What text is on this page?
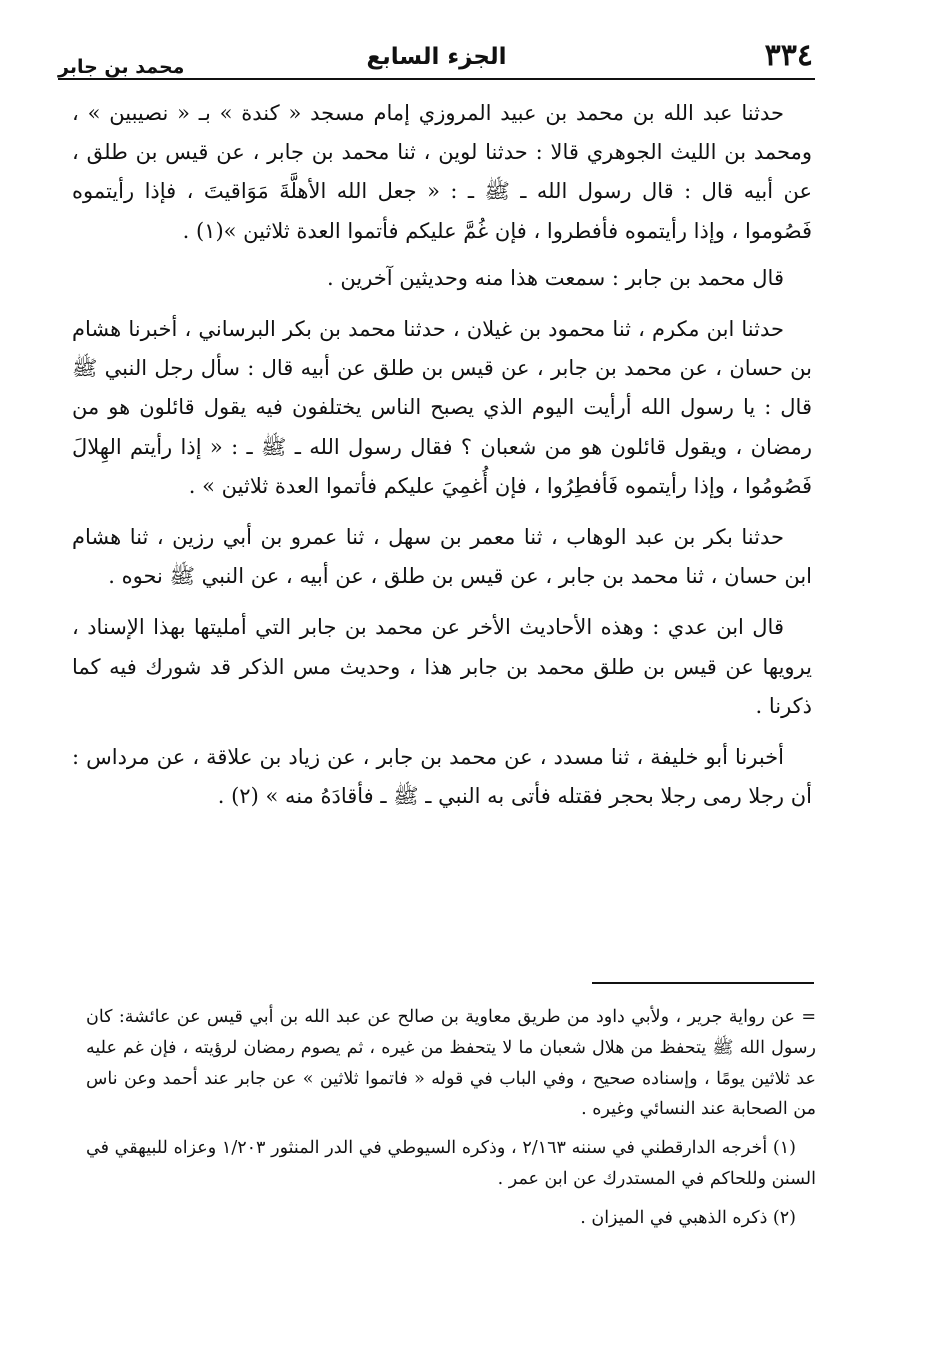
٣٣٤
الجزء السابع
محمد بن جابر

حدثنا عبد الله بن محمد بن عبيد المروزي إمام مسجد « كندة » بـ « نصيبين » ، ومحمد بن الليث الجوهري قالا : حدثنا لوين ، ثنا محمد بن جابر ، عن قيس بن طلق ، عن أبيه قال : قال رسول الله ـ ﷺ ـ : « جعل الله الأهلَّةَ مَوَاقيتَ ، فإذا رأيتموه فَصُوموا ، وإذا رأيتموه فأفطروا ، فإن غُمَّ عليكم فأتموا العدة ثلاثين »(١) .

قال محمد بن جابر : سمعت هذا منه وحديثين آخرين .

حدثنا ابن مكرم ، ثنا محمود بن غيلان ، حدثنا محمد بن بكر البرساني ، أخبرنا هشام بن حسان ، عن محمد بن جابر ، عن قيس بن طلق عن أبيه قال : سأل رجل النبي ﷺ قال : يا رسول الله أرأيت اليوم الذي يصبح الناس يختلفون فيه يقول قائلون هو من رمضان ، ويقول قائلون هو من شعبان ؟ فقال رسول الله ـ ﷺ ـ : « إذا رأيتم الهِلالَ فَصُومُوا ، وإذا رأيتموه فَأفطِرُوا ، فإن أُغمِيَ عليكم فأتموا العدة ثلاثين » .

حدثنا بكر بن عبد الوهاب ، ثنا معمر بن سهل ، ثنا عمرو بن أبي رزين ، ثنا هشام ابن حسان ، ثنا محمد بن جابر ، عن قيس بن طلق ، عن أبيه ، عن النبي ﷺ نحوه .

قال ابن عدي : وهذه الأحاديث الأخر عن محمد بن جابر التي أمليتها بهذا الإسناد ، يرويها عن قيس بن طلق محمد بن جابر هذا ، وحديث مس الذكر قد شورك فيه كما ذكرنا .

أخبرنا أبو خليفة ، ثنا مسدد ، عن محمد بن جابر ، عن زياد بن علاقة ، عن مرداس : أن رجلا رمى رجلا بحجر فقتله فأتى به النبي ـ ﷺ ـ فأقادَهُ منه » (٢) .

= عن رواية جرير ، ولأبي داود من طريق معاوية بن صالح عن عبد الله بن أبي قيس عن عائشة: كان رسول الله ﷺ يتحفظ من هلال شعبان ما لا يتحفظ من غيره ، ثم يصوم رمضان لرؤيته ، فإن غم عليه عد ثلاثين يومًا ، وإسناده صحيح ، وفي الباب في قوله « فاتموا ثلاثين » عن جابر عند أحمد وعن ناس من الصحابة عند النسائي وغيره .

(١) أخرجه الدارقطني في سننه ٢/١٦٣ ، وذكره السيوطي في الدر المنثور ١/٢٠٣ وعزاه للبيهقي في السنن وللحاكم في المستدرك عن ابن عمر .

(٢) ذكره الذهبي في الميزان .
